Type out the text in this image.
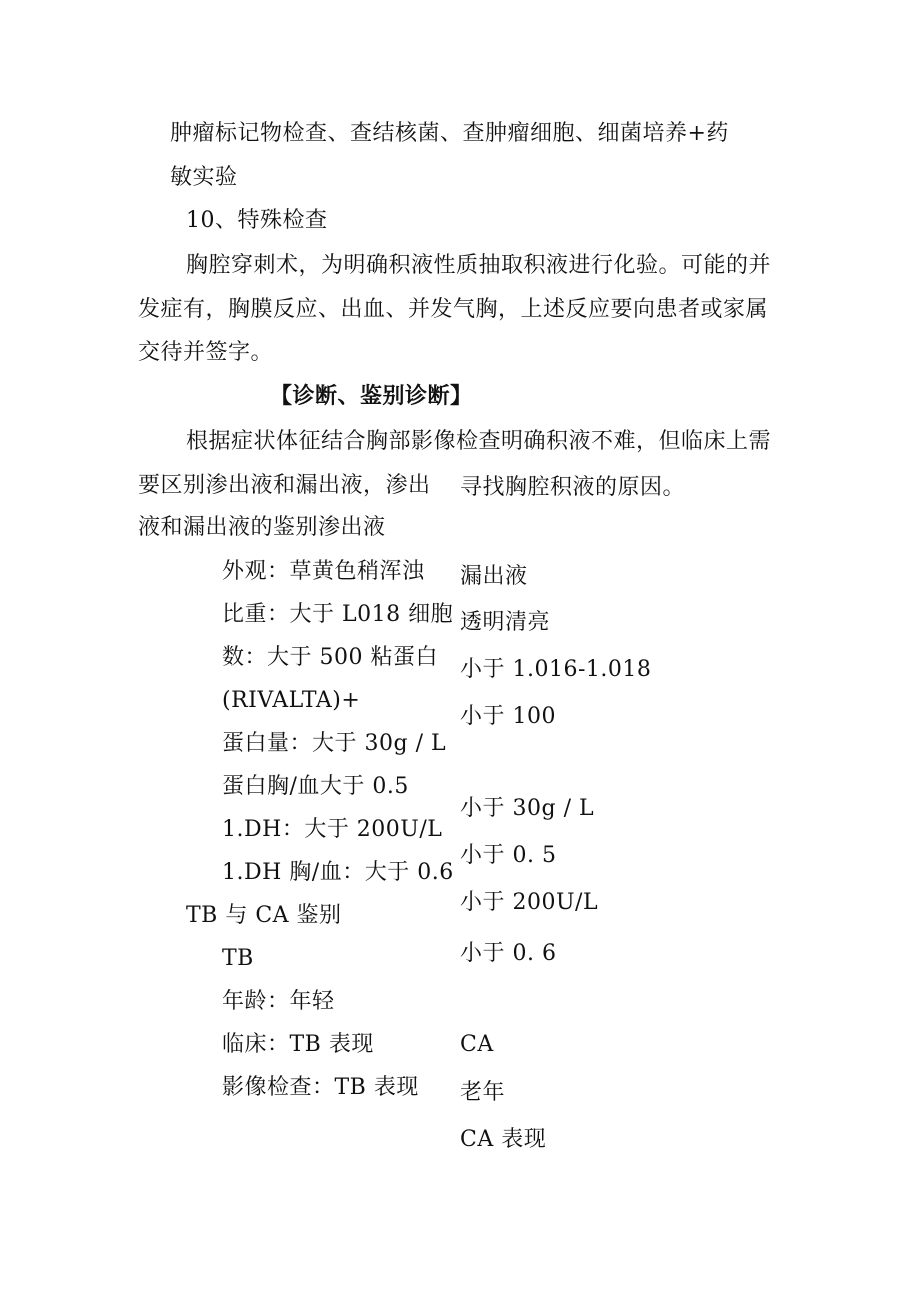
肿瘤标记物检查、查结核菌、查肿瘤细胞、细菌培养+药
敏实验
10、特殊检查
胸腔穿刺术，为明确积液性质抽取积液进行化验。可能的并
发症有，胸膜反应、出血、并发气胸，上述反应要向患者或家属
交待并签字。
【诊断、鉴别诊断】
根据症状体征结合胸部影像检查明确积液不难，但临床上需
要区别渗出液和漏出液，渗出 寻找胸腔积液的原因。
液和漏出液的鉴别渗出液
外观：草黄色稍浑浊
比重：大于 L018 细胞
数：大于 500 粘蛋白
(RIVALTA)+
蛋白量：大于 30g / L
蛋白胸/血大于 0.5
1.DH：大于 200U/L
1.DH 胸/血：大于 0.6
TB 与 CA 鉴别
TB
年龄：年轻
临床：TB 表现
影像检查：TB 表现
漏出液
透明清亮
小于 1.016-1.018
小于 100
小于 30g / L
小于 0. 5
小于 200U/L
小于 0. 6
CA
老年
CA 表现
